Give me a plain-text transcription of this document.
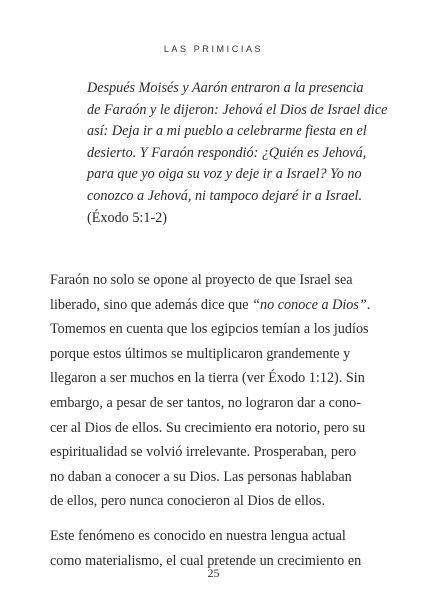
LAS PRIMICIAS
Después Moisés y Aarón entraron a la presencia
de Faraón y le dijeron: Jehová el Dios de Israel dice
así: Deja ir a mi pueblo a celebrarme fiesta en el
desierto. Y Faraón respondió: ¿Quién es Jehová,
para que yo oiga su voz y deje ir a Israel? Yo no
conozco a Jehová, ni tampoco dejaré ir a Israel.
(Éxodo 5:1-2)
Faraón no solo se opone al proyecto de que Israel sea
liberado, sino que además dice que “no conoce a Dios”.
Tomemos en cuenta que los egipcios temían a los judíos
porque estos últimos se multiplicaron grandemente y
llegaron a ser muchos en la tierra (ver Éxodo 1:12). Sin
embargo, a pesar de ser tantos, no lograron dar a cono-
cer al Dios de ellos. Su crecimiento era notorio, pero su
espiritualidad se volvió irrelevante. Prosperaban, pero
no daban a conocer a su Dios. Las personas hablaban
de ellos, pero nunca conocieron al Dios de ellos.
Este fenómeno es conocido en nuestra lengua actual
como materialismo, el cual pretende un crecimiento en
25
